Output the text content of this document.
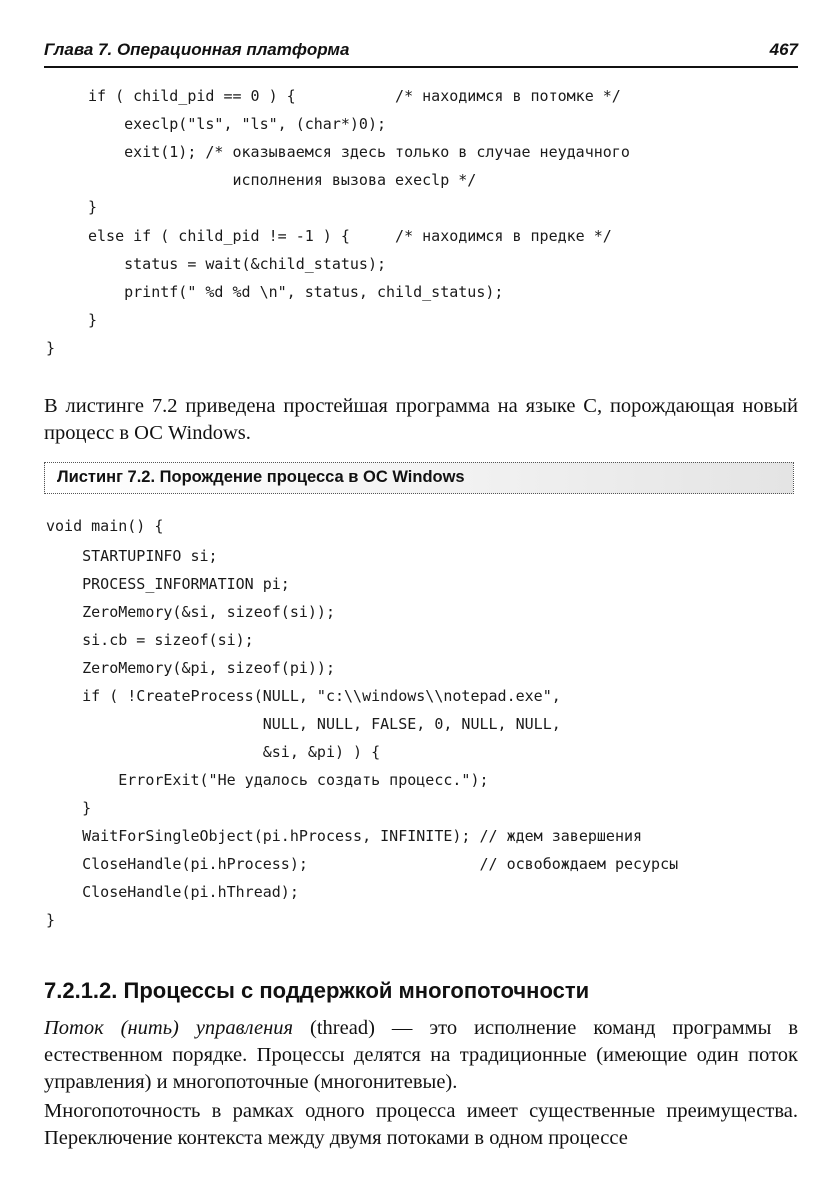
Глава 7. Операционная платформа	467
if ( child_pid == 0 ) {           /* находимся в потомке */
execlp("ls", "ls", (char*)0);
exit(1); /* оказываемся здесь только в случае неудачного
исполнения вызова execlp */
}
else if ( child_pid != -1 ) {     /* находимся в предке */
status = wait(&child_status);
printf(" %d %d \n", status, child_status);
}
}

В листинге 7.2 приведена простейшая программа на языке C, порождающая новый процесс в ОС Windows.

Листинг 7.2. Порождение процесса в ОС Windows
void main() {
STARTUPINFO si;
PROCESS_INFORMATION pi;
ZeroMemory(&si, sizeof(si));
si.cb = sizeof(si);
ZeroMemory(&pi, sizeof(pi));
if ( !CreateProcess(NULL, "c:\\windows\\notepad.exe",
NULL, NULL, FALSE, 0, NULL, NULL,
&si, &pi) ) {
ErrorExit("Не удалось создать процесс.");
}
WaitForSingleObject(pi.hProcess, INFINITE); // ждем завершения
CloseHandle(pi.hProcess);                   // освобождаем ресурсы
CloseHandle(pi.hThread);
}
7.2.1.2. Процессы с поддержкой многопоточности

Поток (нить) управления (thread) — это исполнение команд программы в естественном порядке. Процессы делятся на традиционные (имеющие один поток управления) и многопоточные (многонитевые).

Многопоточность в рамках одного процесса имеет существенные преимущества. Переключение контекста между двумя потоками в одном процессе
